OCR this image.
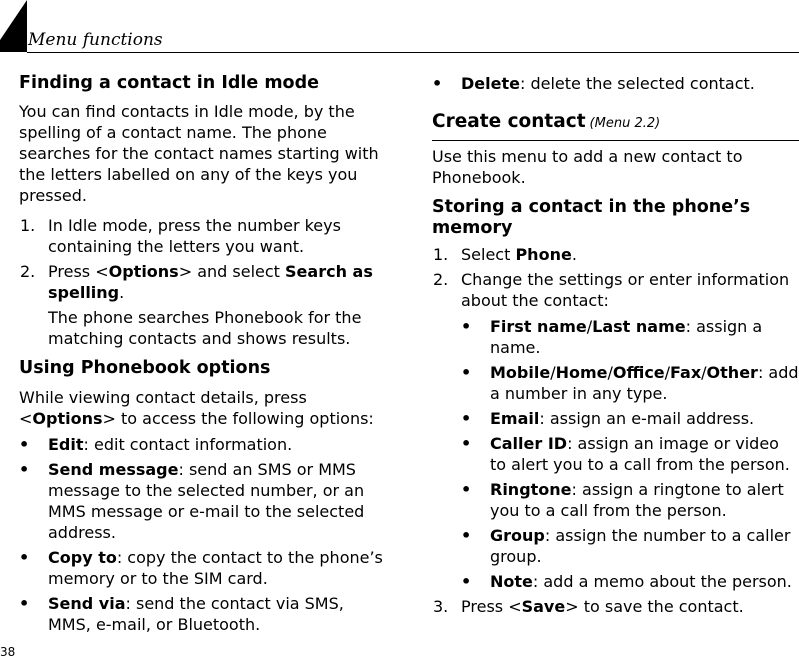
Menu functions

Finding a contact in Idle mode

You can find contacts in Idle mode, by the spelling of a contact name. The phone searches for the contact names starting with the letters labelled on any of the keys you pressed.

1. In Idle mode, press the number keys containing the letters you want.
2. Press <Options> and select Search as spelling.
The phone searches Phonebook for the matching contacts and shows results.

Using Phonebook options

While viewing contact details, press <Options> to access the following options:

• Edit: edit contact information.
• Send message: send an SMS or MMS message to the selected number, or an MMS message or e-mail to the selected address.
• Copy to: copy the contact to the phone’s memory or to the SIM card.
• Send via: send the contact via SMS, MMS, e-mail, or Bluetooth.
• Delete: delete the selected contact.

Create contact (Menu 2.2)

Use this menu to add a new contact to Phonebook.

Storing a contact in the phone’s memory

1. Select Phone.
2. Change the settings or enter information about the contact:
• First name/Last name: assign a name.
• Mobile/Home/Office/Fax/Other: add a number in any type.
• Email: assign an e-mail address.
• Caller ID: assign an image or video to alert you to a call from the person.
• Ringtone: assign a ringtone to alert you to a call from the person.
• Group: assign the number to a caller group.
• Note: add a memo about the person.
3. Press <Save> to save the contact.
38
